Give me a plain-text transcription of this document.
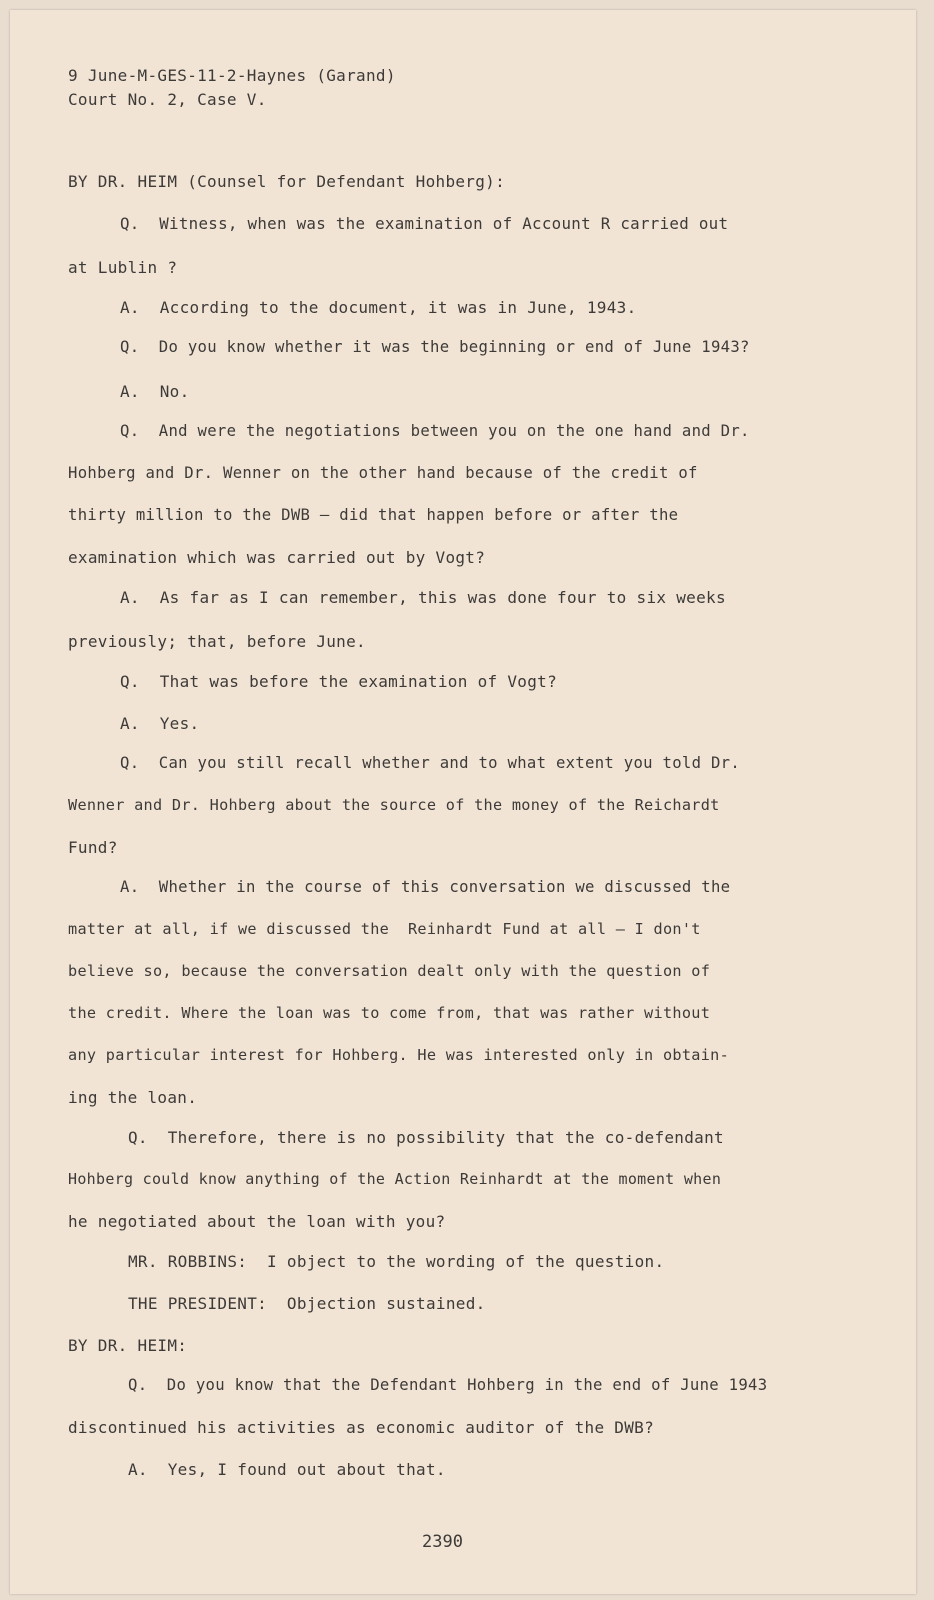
9 June-M-GES-11-2-Haynes (Garand)
Court No. 2, Case V.
BY DR. HEIM (Counsel for Defendant Hohberg):
Q.  Witness, when was the examination of Account R carried out
at Lublin ?
A.  According to the document, it was in June, 1943.
Q.  Do you know whether it was the beginning or end of June 1943?
A.  No.
Q.  And were the negotiations between you on the one hand and Dr.
Hohberg and Dr. Wenner on the other hand because of the credit of
thirty million to the DWB — did that happen before or after the
examination which was carried out by Vogt?
A.  As far as I can remember, this was done four to six weeks
previously; that, before June.
Q.  That was before the examination of Vogt?
A.  Yes.
Q.  Can you still recall whether and to what extent you told Dr.
Wenner and Dr. Hohberg about the source of the money of the Reichardt
Fund?
A.  Whether in the course of this conversation we discussed the
matter at all, if we discussed the  Reinhardt Fund at all — I don't
believe so, because the conversation dealt only with the question of
the credit. Where the loan was to come from, that was rather without
any particular interest for Hohberg. He was interested only in obtain-
ing the loan.
Q.  Therefore, there is no possibility that the co-defendant
Hohberg could know anything of the Action Reinhardt at the moment when
he negotiated about the loan with you?
MR. ROBBINS:  I object to the wording of the question.
THE PRESIDENT:  Objection sustained.
BY DR. HEIM:
Q.  Do you know that the Defendant Hohberg in the end of June 1943
discontinued his activities as economic auditor of the DWB?
A.  Yes, I found out about that.
2390
